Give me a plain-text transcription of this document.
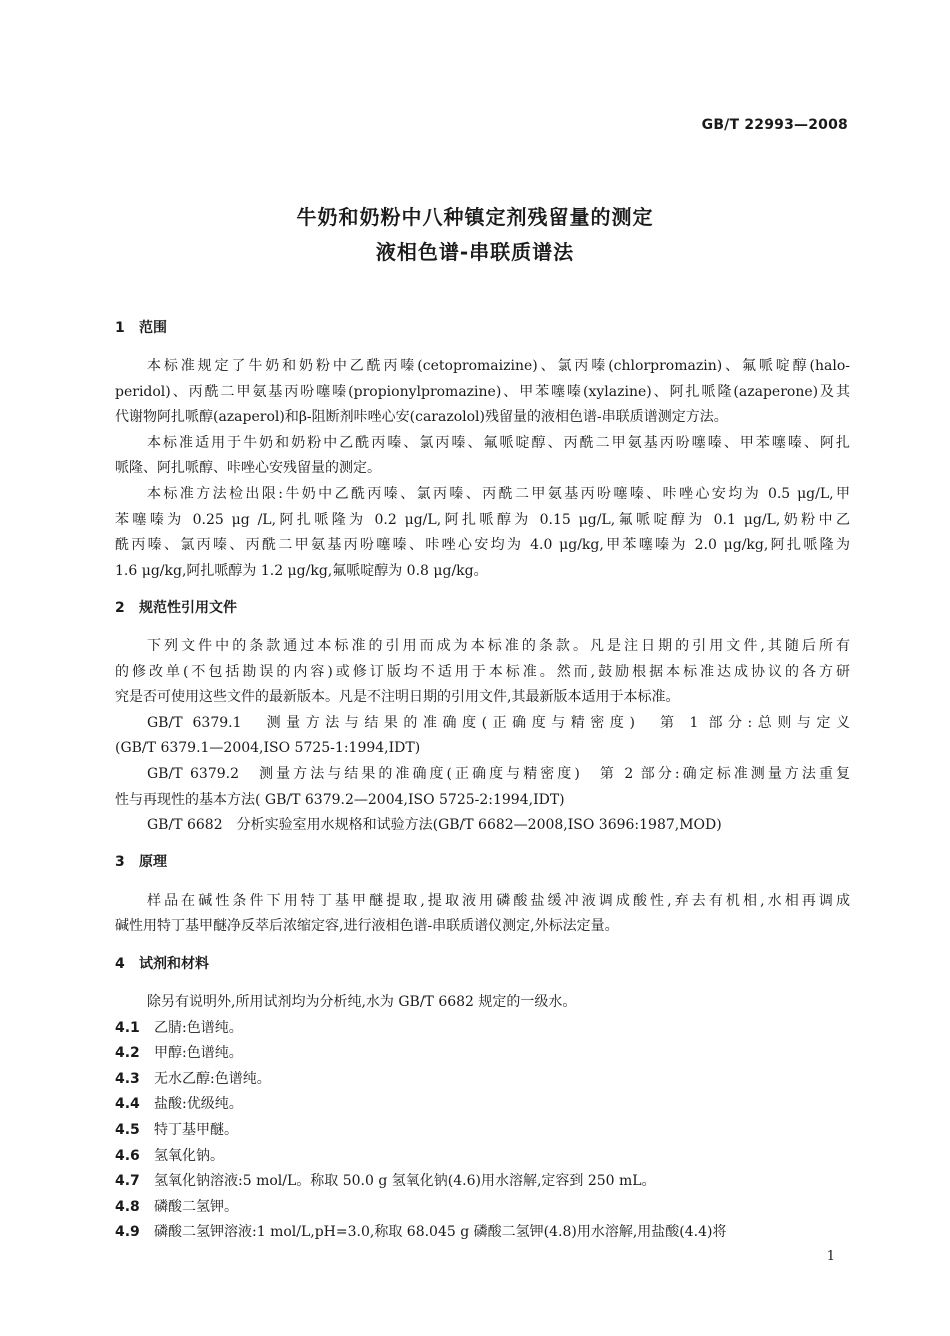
GB/T 22993—2008
牛奶和奶粉中八种镇定剂残留量的测定
液相色谱-串联质谱法
1 范围
本标准规定了牛奶和奶粉中乙酰丙嗪(cetopromaizine)、氯丙嗪(chlorpromazin)、氟哌啶醇(halo-
peridol)、丙酰二甲氨基丙吩噻嗪(propionylpromazine)、甲苯噻嗪(xylazine)、阿扎哌隆(azaperone)及其
代谢物阿扎哌醇(azaperol)和β-阻断剂咔唑心安(carazolol)残留量的液相色谱-串联质谱测定方法。
本标准适用于牛奶和奶粉中乙酰丙嗪、氯丙嗪、氟哌啶醇、丙酰二甲氨基丙吩噻嗪、甲苯噻嗪、阿扎
哌隆、阿扎哌醇、咔唑心安残留量的测定。
本标准方法检出限:牛奶中乙酰丙嗪、氯丙嗪、丙酰二甲氨基丙吩噻嗪、咔唑心安均为 0.5 μg/L,甲
苯噻嗪为 0.25 μg /L,阿扎哌隆为 0.2 μg/L,阿扎哌醇为 0.15 μg/L,氟哌啶醇为 0.1 μg/L,奶粉中乙
酰丙嗪、氯丙嗪、丙酰二甲氨基丙吩噻嗪、咔唑心安均为 4.0 μg/kg,甲苯噻嗪为 2.0 μg/kg,阿扎哌隆为
1.6 μg/kg,阿扎哌醇为 1.2 μg/kg,氟哌啶醇为 0.8 μg/kg。
2 规范性引用文件
下列文件中的条款通过本标准的引用而成为本标准的条款。凡是注日期的引用文件,其随后所有
的修改单(不包括勘误的内容)或修订版均不适用于本标准。然而,鼓励根据本标准达成协议的各方研
究是否可使用这些文件的最新版本。凡是不注明日期的引用文件,其最新版本适用于本标准。
GB/T 6379.1　测量方法与结果的准确度(正确度与精密度)　第 1 部分:总则与定义
(GB/T 6379.1—2004,ISO 5725-1:1994,IDT)
GB/T 6379.2　测量方法与结果的准确度(正确度与精密度)　第 2 部分:确定标准测量方法重复
性与再现性的基本方法( GB/T 6379.2—2004,ISO 5725-2:1994,IDT)
GB/T 6682　分析实验室用水规格和试验方法(GB/T 6682—2008,ISO 3696:1987,MOD)
3 原理
样品在碱性条件下用特丁基甲醚提取,提取液用磷酸盐缓冲液调成酸性,弃去有机相,水相再调成
碱性用特丁基甲醚净反萃后浓缩定容,进行液相色谱-串联质谱仪测定,外标法定量。
4 试剂和材料
除另有说明外,所用试剂均为分析纯,水为 GB/T 6682 规定的一级水。
4.1 乙腈:色谱纯。
4.2 甲醇:色谱纯。
4.3 无水乙醇:色谱纯。
4.4 盐酸:优级纯。
4.5 特丁基甲醚。
4.6 氢氧化钠。
4.7 氢氧化钠溶液:5 mol/L。称取 50.0 g 氢氧化钠(4.6)用水溶解,定容到 250 mL。
4.8 磷酸二氢钾。
4.9 磷酸二氢钾溶液:1 mol/L,pH=3.0,称取 68.045 g 磷酸二氢钾(4.8)用水溶解,用盐酸(4.4)将
1
